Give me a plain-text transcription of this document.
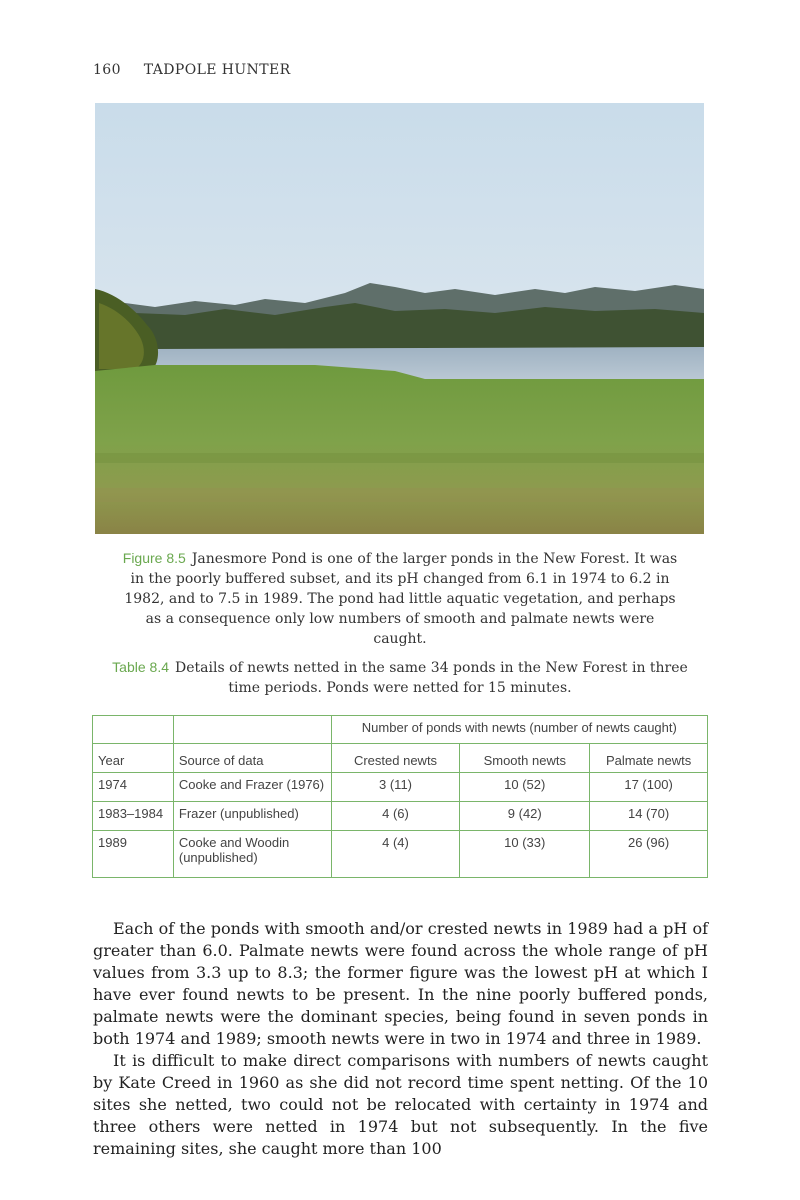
160 TADPOLE HUNTER
Figure 8.5 Janesmore Pond is one of the larger ponds in the New Forest. It was in the poorly buffered subset, and its pH changed from 6.1 in 1974 to 6.2 in 1982, and to 7.5 in 1989. The pond had little aquatic vegetation, and perhaps as a consequence only low numbers of smooth and palmate newts were caught.
Table 8.4 Details of newts netted in the same 34 ponds in the New Forest in three time periods. Ponds were netted for 15 minutes.
		Number of ponds with newts (number of newts caught)		
Year	Source of data	Crested newts	Smooth newts	Palmate newts
1974	Cooke and Frazer (1976)	3 (11)	10 (52)	17 (100)
1983–1984	Frazer (unpublished)	4 (6)	9 (42)	14 (70)
1989	Cooke and Woodin (unpublished)	4 (4)	10 (33)	26 (96)

Each of the ponds with smooth and/or crested newts in 1989 had a pH of greater than 6.0. Palmate newts were found across the whole range of pH values from 3.3 up to 8.3; the former figure was the lowest pH at which I have ever found newts to be present. In the nine poorly buffered ponds, palmate newts were the dominant species, being found in seven ponds in both 1974 and 1989; smooth newts were in two in 1974 and three in 1989.

It is difficult to make direct comparisons with numbers of newts caught by Kate Creed in 1960 as she did not record time spent netting. Of the 10 sites she netted, two could not be relocated with certainty in 1974 and three others were netted in 1974 but not subsequently. In the five remaining sites, she caught more than 100
